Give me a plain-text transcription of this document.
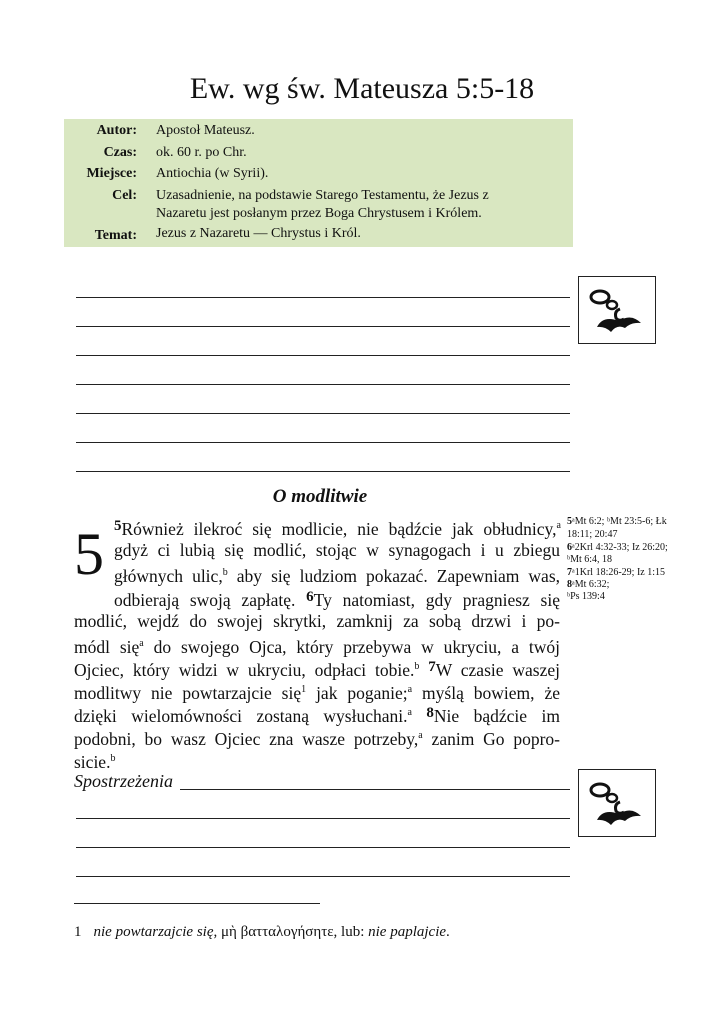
Ew. wg św. Mateusza 5:5-18
Autor: Apostoł Mateusz.
Czas: ok. 60 r. po Chr.
Miejsce: Antiochia (w Syrii).
Cel: Uzasadnienie, na podstawie Starego Testamentu, że Jezus z
Nazaretu jest posłanym przez Boga Chrystusem i Królem.
Temat: Jezus z Nazaretu — Chrystus i Król.
O modlitwie
5 5Również ilekroć się modlicie, nie bądźcie jak obłudnicy,$^a$
gdyż ci lubią się modlić, stojąc w synagogach i u zbiegu
głównych ulic,$^b$ aby się ludziom pokazać. Zapewniam was,
odbierają swoją zapłatę. 6Ty natomiast, gdy pragniesz się
modlić, wejdź do swojej skrytki, zamknij za sobą drzwi i po-
módl się$^a$ do swojego Ojca, który przebywa w ukryciu, a twój
Ojciec, który widzi w ukryciu, odpłaci tobie.$^b$ 7W czasie waszej
modlitwy nie powtarzajcie się$^1$ jak poganie;$^a$ myślą bowiem, że
dzięki wielomówności zostaną wysłuchani.$^a$ 8Nie bądźcie im
podobni, bo wasz Ojciec zna wasze potrzeby,$^a$ zanim Go popro-
sicie.$^b$
5ᵃMt 6:2; ᵇMt 23:5-6; Łk
18:11; 20:47
6ᵃ2Krl 4:32-33; Iz 26:20;
ᵇMt 6:4, 18
7ᵃ1Krl 18:26-29; Iz 1:15
8ᵃMt 6:32;
ᵇPs 139:4
Spostrzeżenia
1 nie powtarzajcie się, μὴ βατταλογήσητε, lub: nie paplajcie.
